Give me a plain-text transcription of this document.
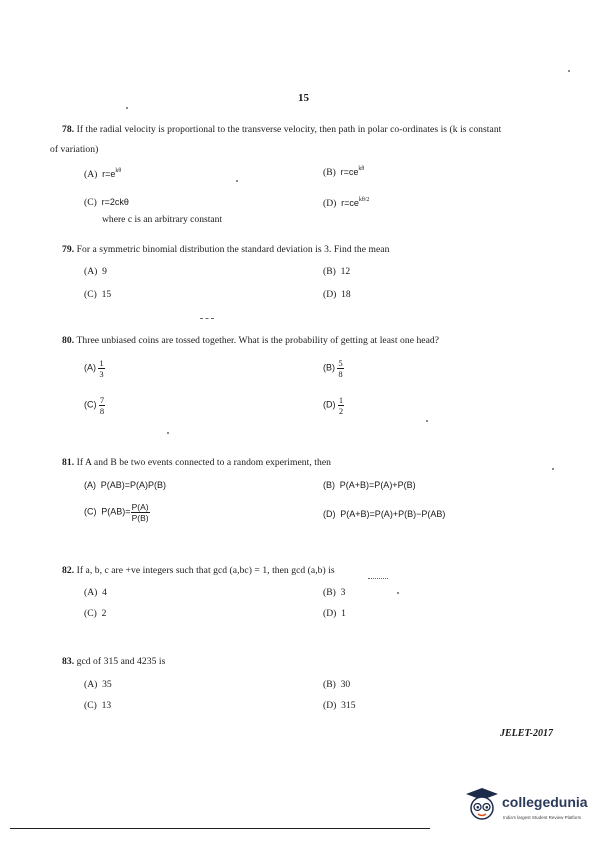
15
78. If the radial velocity is proportional to the transverse velocity, then path in polar co-ordinates is (k is constant
of variation)
(A) $r=e^{k\theta}$	(B) $r=ce^{k\theta}$
(C) r=2ckθ	(D) $r=ce^{k\theta/2}$
where c is an arbitrary constant
79. For a symmetric binomial distribution the standard deviation is 3. Find the mean
(A) 9	(B) 12
(C) 15	(D) 18
80. Three unbiased coins are tossed together. What is the probability of getting at least one head?
$(A) \frac{1}{3}$	$(B) \frac{5}{8}$
$(C) \frac{7}{8}$	$(D) \frac{1}{2}$
81. If A and B be two events connected to a random experiment, then
(A) P(AB)=P(A)P(B)	(B) P(A+B)=P(A)+P(B)
(C) $P(AB)= \frac{P(A)}{P(B)}$	(D) P(A+B)=P(A)+P(B)−P(AB)
82. If a, b, c are +ve integers such that gcd (a,bc) = 1, then gcd (a,b) is
(A) 4	(B) 3
(C) 2	(D) 1
83. gcd of 315 and 4235 is
(A) 35	(B) 30
(C) 13	(D) 315
JELET-2017
collegedunia
India's largest Student Review Platform
